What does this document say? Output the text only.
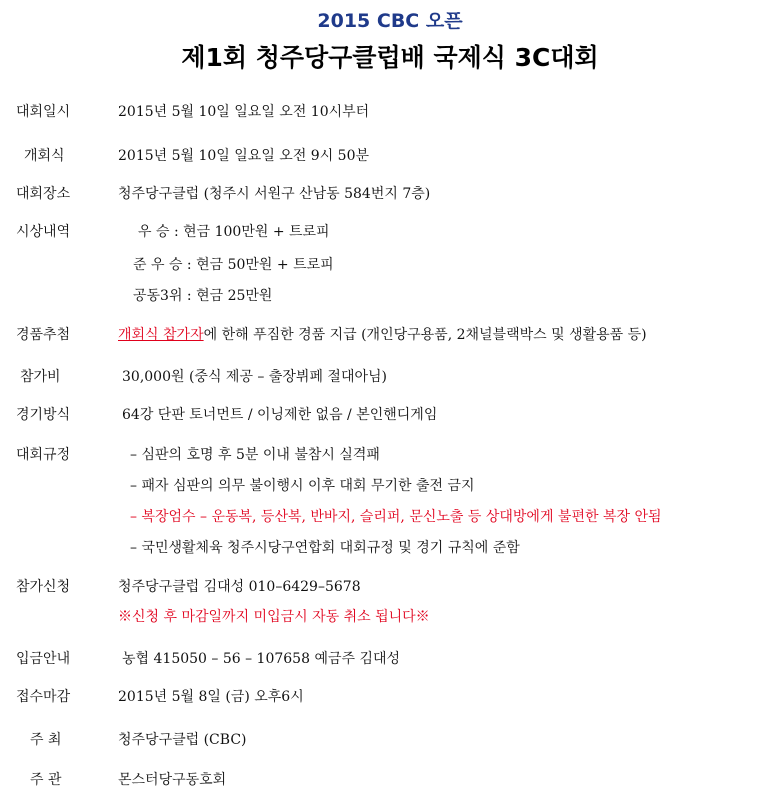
2015 CBC 오픈
제1회 청주당구클럽배 국제식 3C대회
대회일시	2015년 5월 10일 일요일 오전 10시부터
개회식	2015년 5월 10일 일요일 오전 9시 50분
대회장소	청주당구클럽 (청주시 서원구 산남동 584번지 7층)
시상내역	우 승 : 현금 100만원 + 트로피
준 우 승 : 현금 50만원 + 트로피
공동3위 : 현금 25만원
경품추첨	개회식 참가자에 한해 푸짐한 경품 지급 (개인당구용품, 2채널블랙박스 및 생활용품 등)
참가비	30,000원 (중식 제공 – 출장뷔페 절대아님)
경기방식	64강 단판 토너먼트 / 이닝제한 없음 / 본인핸디게임
대회규정	– 심판의 호명 후 5분 이내 불참시 실격패
– 패자 심판의 의무 불이행시 이후 대회 무기한 출전 금지
– 복장엄수 – 운동복, 등산복, 반바지, 슬리퍼, 문신노출 등 상대방에게 불편한 복장 안됨
– 국민생활체육 청주시당구연합회 대회규정 및 경기 규칙에 준함
참가신청	청주당구클럽 김대성 010–6429–5678
※신청 후 마감일까지 미입금시 자동 취소 됩니다※
입금안내	농협 415050 – 56 – 107658 예금주 김대성
접수마감	2015년 5월 8일 (금) 오후6시
주 최	청주당구클럽 (CBC)
주 관	몬스터당구동호회
